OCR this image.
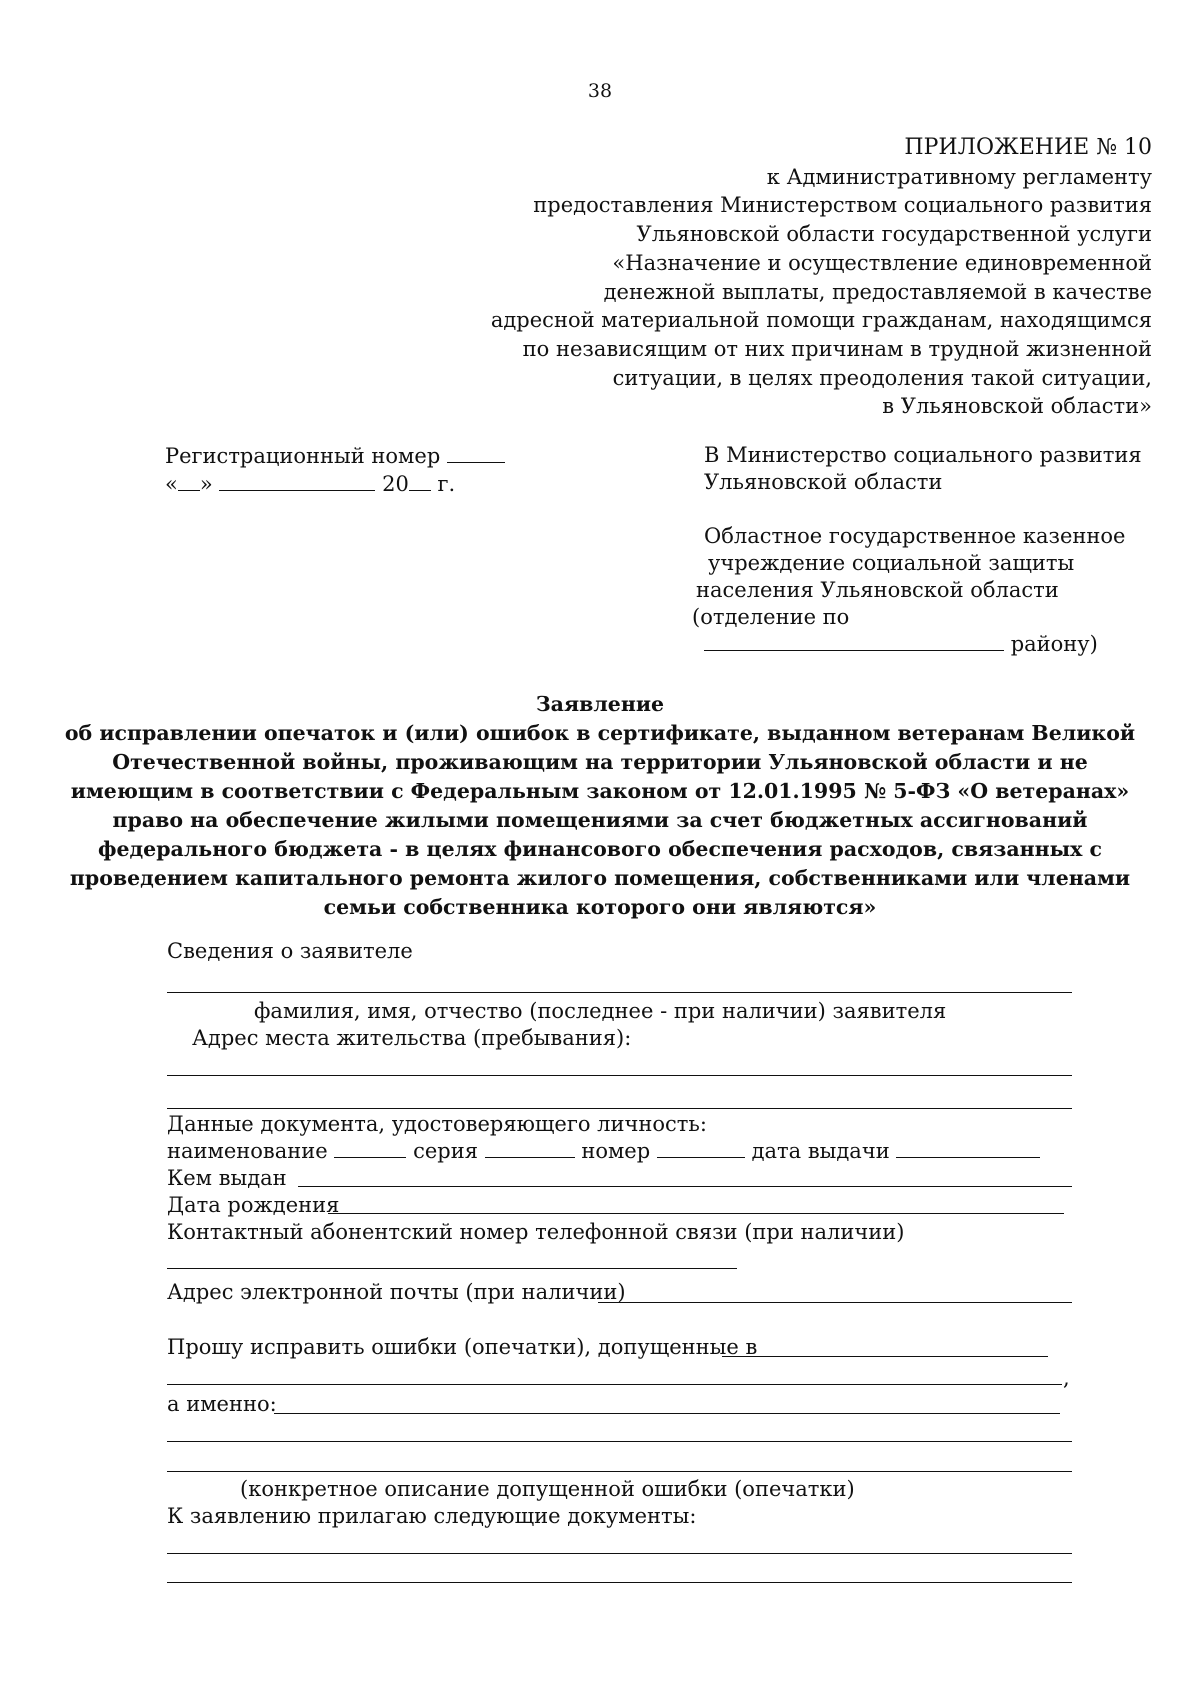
38
ПРИЛОЖЕНИЕ № 10
к Административному регламенту
предоставления Министерством социального развития
Ульяновской области государственной услуги
«Назначение и осуществление единовременной
денежной выплаты, предоставляемой в качестве
адресной материальной помощи гражданам, находящимся
по независящим от них причинам в трудной жизненной
ситуации, в целях преодоления такой ситуации,
в Ульяновской области»
Регистрационный номер
« »	20 г.
В Министерство социального развития
Ульяновской области
Областное государственное казенное
учреждение социальной защиты
населения Ульяновской области
(отделение по
району)
Заявление
об исправлении опечаток и (или) ошибок в сертификате, выданном ветеранам Великой
Отечественной войны, проживающим на территории Ульяновской области и не
имеющим в соответствии с Федеральным законом от 12.01.1995 № 5-ФЗ «О ветеранах»
право на обеспечение жилыми помещениями за счет бюджетных ассигнований
федерального бюджета - в целях финансового обеспечения расходов, связанных с
проведением капитального ремонта жилого помещения, собственниками или членами
семьи собственника которого они являются»
Сведения о заявителе
фамилия, имя, отчество (последнее - при наличии) заявителя
Адрес места жительства (пребывания):
Данные документа, удостоверяющего личность:
наименование	серия	номер	дата выдачи
Кем выдан
Дата рождения
Контактный абонентский номер телефонной связи (при наличии)
Адрес электронной почты (при наличии)
Прошу исправить ошибки (опечатки), допущенные в
,
а именно:
(конкретное описание допущенной ошибки (опечатки)
К заявлению прилагаю следующие документы:
